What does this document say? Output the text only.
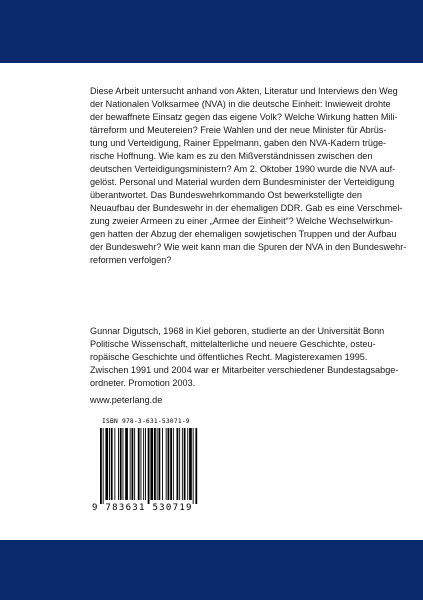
Diese Arbeit untersucht anhand von Akten, Literatur und Interviews den Weg
der Nationalen Volksarmee (NVA) in die deutsche Einheit: Inwieweit drohte
der bewaffnete Einsatz gegen das eigene Volk? Welche Wirkung hatten Mili-
tärreform und Meutereien? Freie Wahlen und der neue Minister für Abrüs-
tung und Verteidigung, Rainer Eppelmann, gaben den NVA-Kadern trüge-
rische Hoffnung. Wie kam es zu den Mißverständnissen zwischen den
deutschen Verteidigungsministern? Am 2. Oktober 1990 wurde die NVA auf-
gelöst. Personal und Material wurden dem Bundesminister der Verteidigung
überantwortet. Das Bundeswehrkommando Ost bewerkstelligte den
Neuaufbau der Bundeswehr in der ehemaligen DDR. Gab es eine Verschmel-
zung zweier Armeen zu einer „Armee der Einheit“? Welche Wechselwirkun-
gen hatten der Abzug der ehemaligen sowjetischen Truppen und der Aufbau
der Bundeswehr? Wie weit kann man die Spuren der NVA in den Bundeswehr-
reformen verfolgen?
Gunnar Digutsch, 1968 in Kiel geboren, studierte an der Universität Bonn
Politische Wissenschaft, mittelalterliche und neuere Geschichte, osteu-
ropäische Geschichte und öffentliches Recht. Magisterexamen 1995.
Zwischen 1991 und 2004 war er Mitarbeiter verschiedener Bundestagsabge-
ordneter. Promotion 2003.
www.peterlang.de
ISBN 978-3-631-53071-9
9 783631 530719
